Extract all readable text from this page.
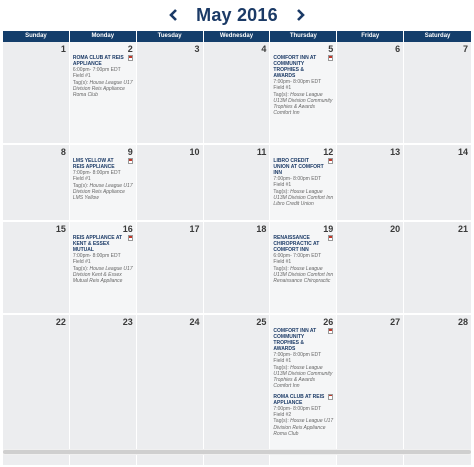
May 2016
Sunday	Monday	Tuesday	Wednesday	Thursday	Friday	Saturday
1	2
ROMA CLUB AT REIS APPLIANCE
6:00pm- 7:00pm EDT
Field #1
Tag(s): House League U17 Division Reis Appliance Roma Club
3	4	5
COMFORT INN AT COMMUNITY TROPHIES & AWARDS
7:00pm- 8:00pm EDT
Field #1
Tag(s): House League U13M Division Community Trophies & Awards Comfort Inn
6	7
8	9
LMS YELLOW AT REIS APPLIANCE
7:00pm- 8:00pm EDT
Field #1
Tag(s): House League U17 Division Reis Appliance LMS Yellow
10	11	12
LIBRO CREDIT UNION AT COMFORT INN
7:00pm- 8:00pm EDT
Field #1
Tag(s): House League U13M Division Comfort Inn Libro Credit Union
13	14
15	16
REIS APPLIANCE AT KENT & ESSEX MUTUAL
7:00pm- 8:00pm EDT
Field #1
Tag(s): House League U17 Division Kent & Essex Mutual Reis Appliance
17	18	19
RENAISSANCE CHIROPRACTIC AT COMFORT INN
6:00pm- 7:00pm EDT
Field #1
Tag(s): House League U13M Division Comfort Inn Renaissance Chiropractic
20	21
22	23	24	25	26
COMFORT INN AT COMMUNITY TROPHIES & AWARDS
7:00pm- 8:00pm EDT
Field #1
Tag(s): House League U13M Division Community Trophies & Awards Comfort Inn
ROMA CLUB AT REIS APPLIANCE
7:00pm- 8:00pm EDT
Field #2
Tag(s): House League U17 Division Reis Appliance Roma Club
27	28
